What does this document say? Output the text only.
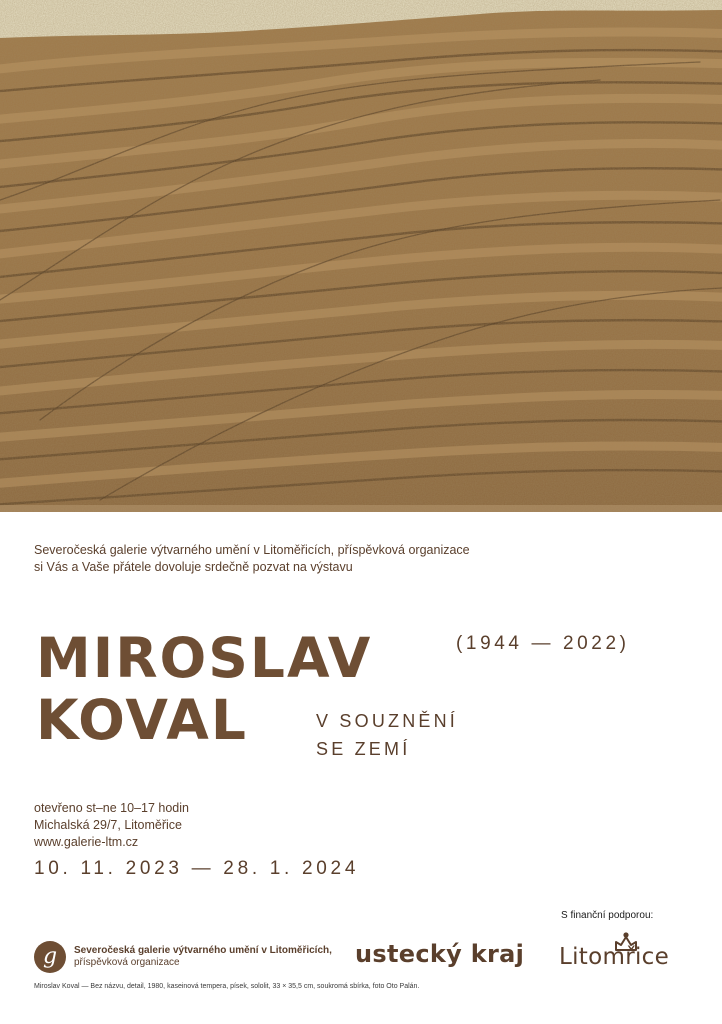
Severočeská galerie výtvarného umění v Litoměřicích, příspěvková organizace
si Vás a Vaše přátele dovoluje srdečně pozvat na výstavu
MIROSLAV
KOVAL
(1944 — 2022)
V SOUZNĚNÍ
SE ZEMÍ
otevřeno st–ne 10–17 hodin
Michalská 29/7, Litoměřice
www.galerie-ltm.cz
10. 11. 2023 — 28. 1. 2024
S finanční podporou:
g	Severočeská galerie výtvarného umění v Litoměřicích,
příspěvková organizace	ustecký kraj Litomřice
Miroslav Koval — Bez názvu, detail, 1980, kaseinová tempera, písek, sololit, 33 × 35,5 cm, soukromá sbírka, foto Oto Palán.
